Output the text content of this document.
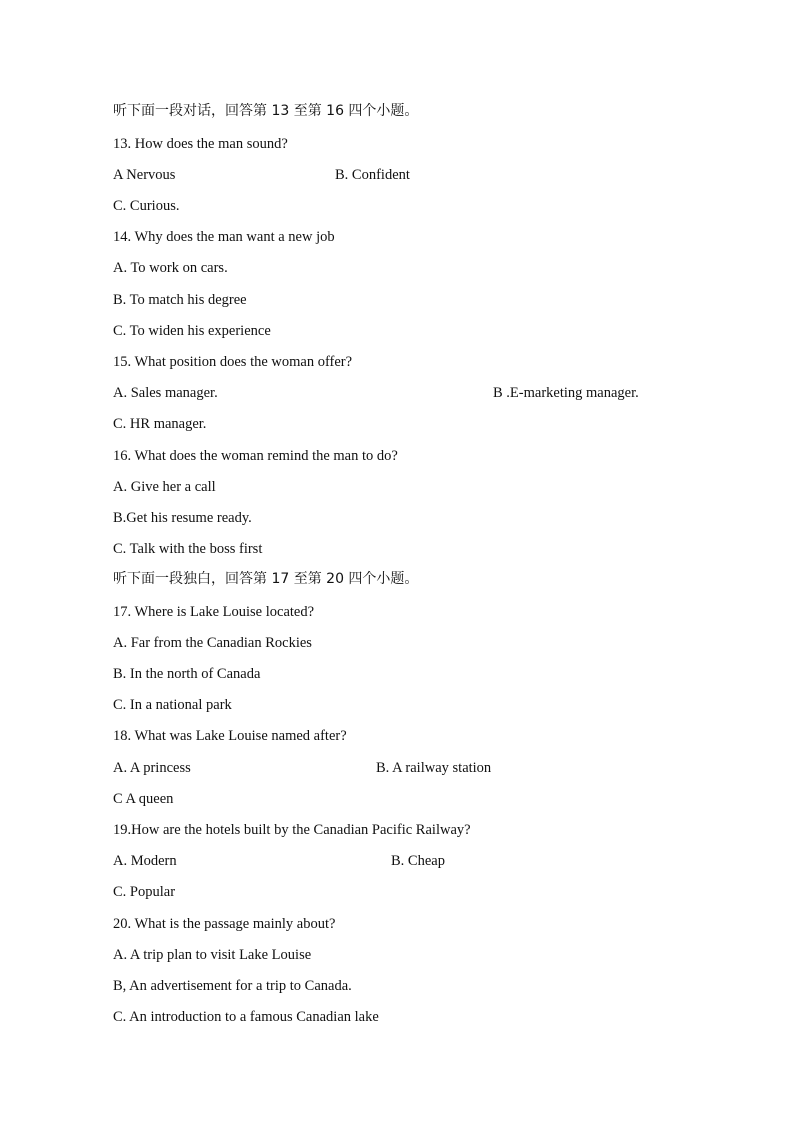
听下面一段对话，回答第 13 至第 16 四个小题。
13. How does the man sound?
A Nervous	B. Confident
C. Curious.
14. Why does the man want a new job
A. To work on cars.
B. To match his degree
C. To widen his experience
15. What position does the woman offer?
A. Sales manager.	B .E-marketing manager.
C. HR manager.
16. What does the woman remind the man to do?
A. Give her a call
B.Get his resume ready.
C. Talk with the boss first
听下面一段独白，回答第 17 至第 20 四个小题。
17. Where is Lake Louise located?
A. Far from the Canadian Rockies
B. In the north of Canada
C. In a national park
18. What was Lake Louise named after?
A. A princess	B. A railway station
C A queen
19.How are the hotels built by the Canadian Pacific Railway?
A. Modern	B. Cheap
C. Popular
20. What is the passage mainly about?
A. A trip plan to visit Lake Louise
B, An advertisement for a trip to Canada.
C. An introduction to a famous Canadian lake
